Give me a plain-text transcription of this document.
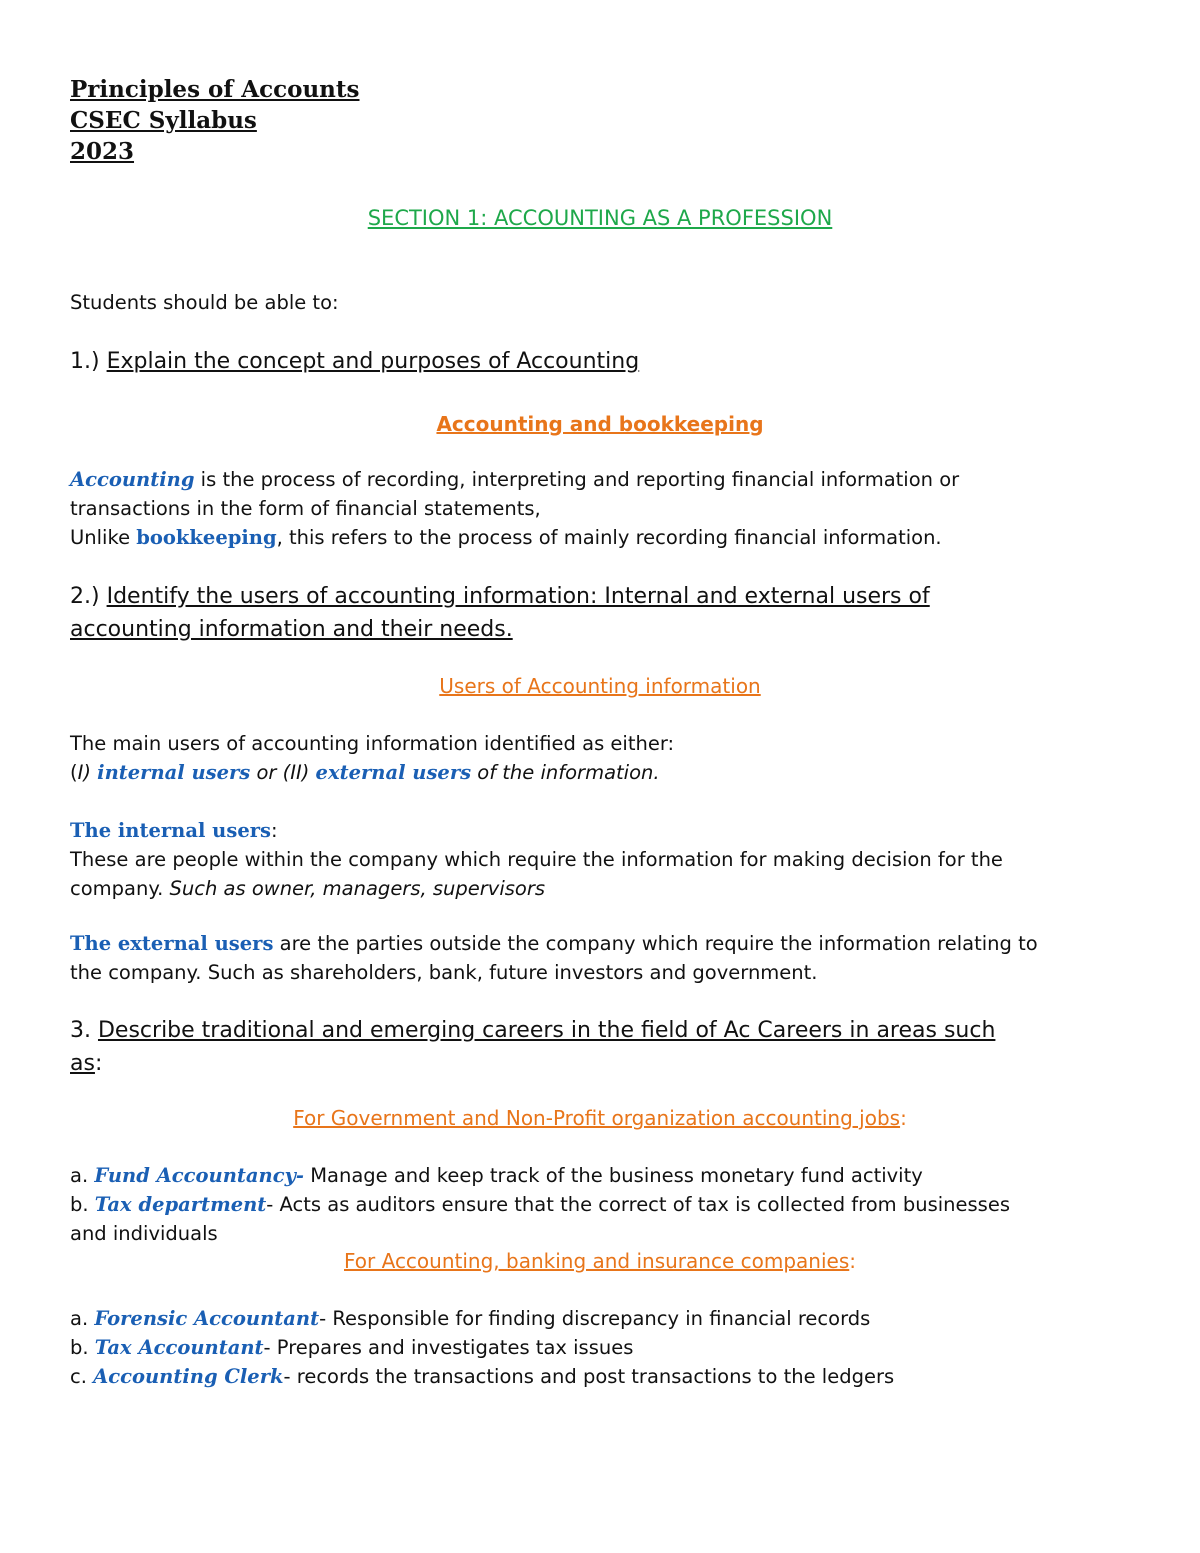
Principles of Accounts
CSEC Syllabus
2023
SECTION 1: ACCOUNTING AS A PROFESSION
Students should be able to:
1.) Explain the concept and purposes of Accounting
Accounting and bookkeeping
Accounting is the process of recording, interpreting and reporting financial information or
transactions in the form of financial statements,
Unlike bookkeeping, this refers to the process of mainly recording financial information.
2.) Identify the users of accounting information: Internal and external users of
accounting information and their needs.
Users of Accounting information
The main users of accounting information identified as either:
(I) internal users or (II) external users of the information.
The internal users:
These are people within the company which require the information for making decision for the
company. Such as owner, managers, supervisors
The external users are the parties outside the company which require the information relating to
the company. Such as shareholders, bank, future investors and government.
3. Describe traditional and emerging careers in the field of Ac Careers in areas such
as:
For Government and Non-Profit organization accounting jobs:
a. Fund Accountancy- Manage and keep track of the business monetary fund activity
b. Tax department- Acts as auditors ensure that the correct of tax is collected from businesses
and individuals
For Accounting, banking and insurance companies:
a. Forensic Accountant- Responsible for finding discrepancy in financial records
b. Tax Accountant- Prepares and investigates tax issues
c. Accounting Clerk- records the transactions and post transactions to the ledgers
